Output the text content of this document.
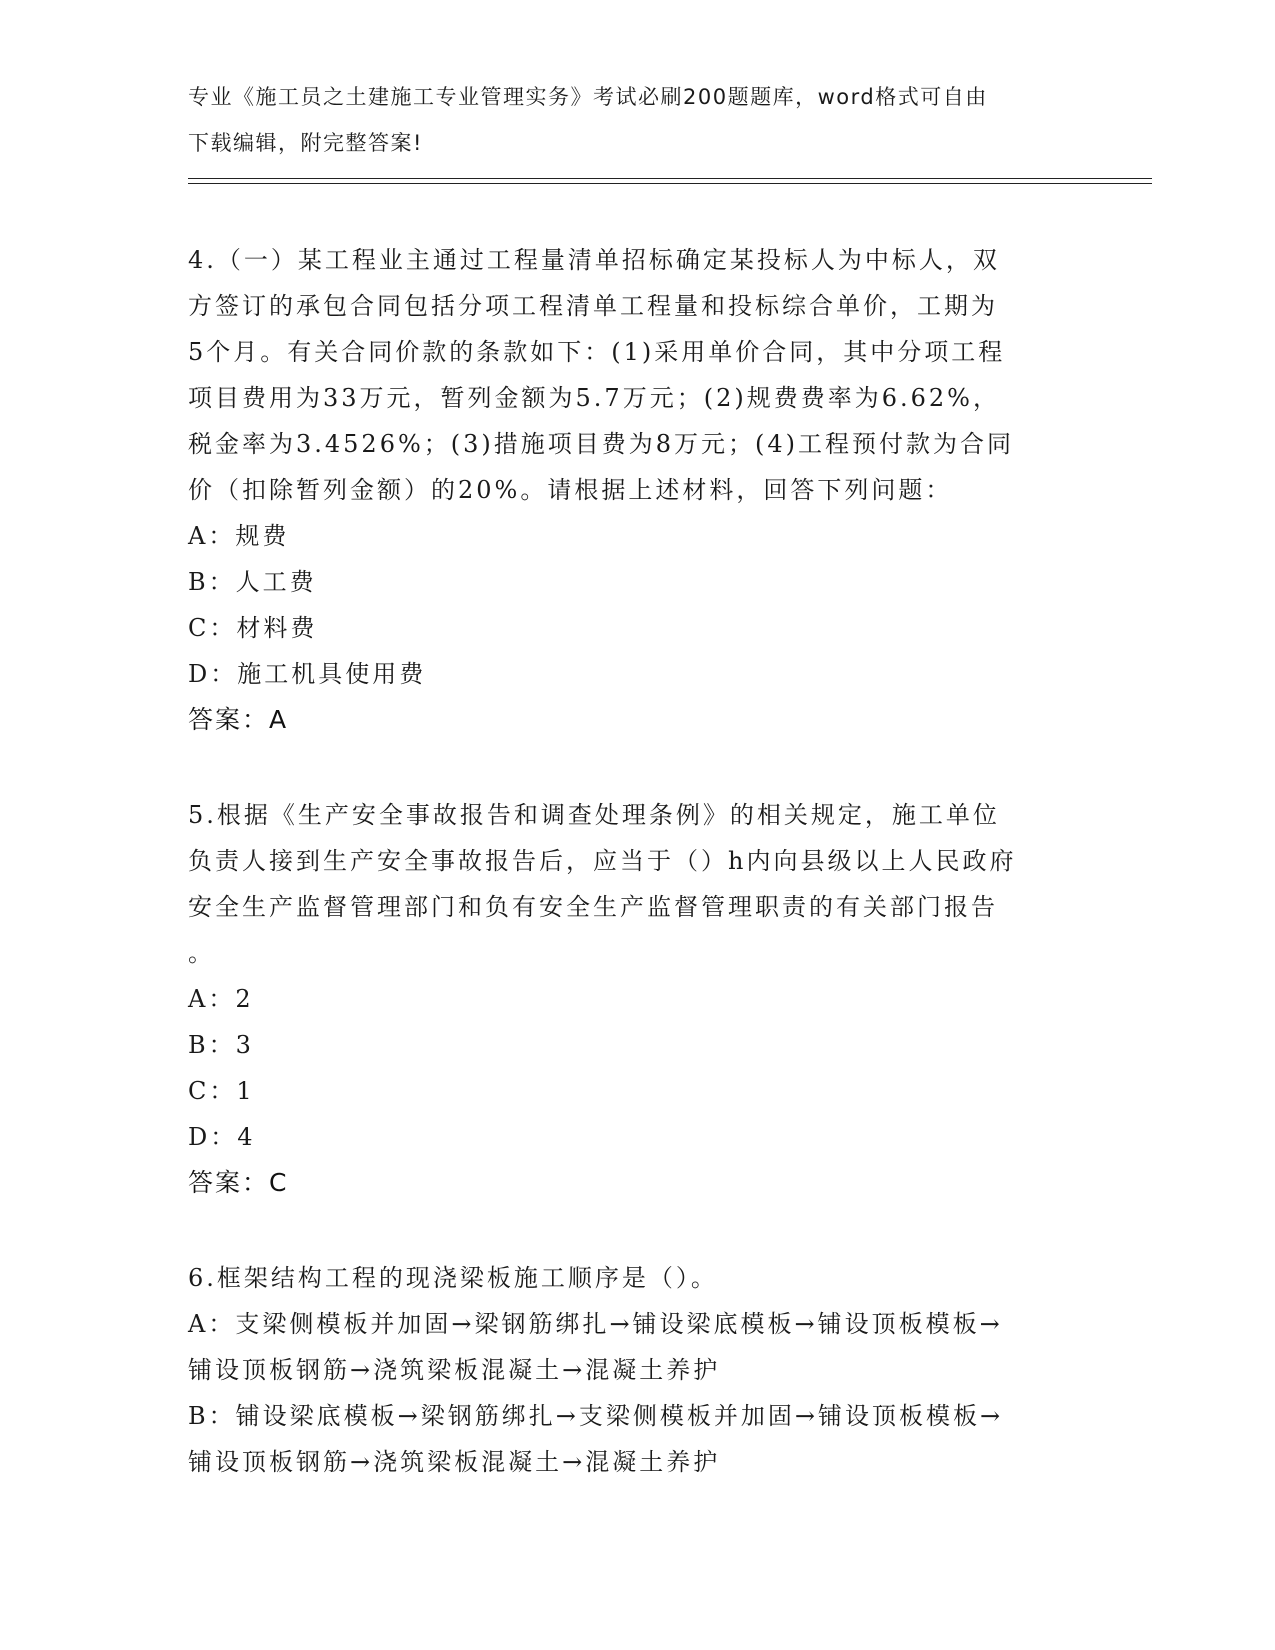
专业《施工员之土建施工专业管理实务》考试必刷200题题库，word格式可自由
下载编辑，附完整答案!
4.（一）某工程业主通过工程量清单招标确定某投标人为中标人，双
方签订的承包合同包括分项工程清单工程量和投标综合单价，工期为
5个月。有关合同价款的条款如下：(1)采用单价合同，其中分项工程
项目费用为33万元，暂列金额为5.7万元；(2)规费费率为6.62%，
税金率为3.4526%；(3)措施项目费为8万元；(4)工程预付款为合同
价（扣除暂列金额）的20%。请根据上述材料，回答下列问题：
A：规费
B：人工费
C：材料费
D：施工机具使用费
答案：A
5.根据《生产安全事故报告和调查处理条例》的相关规定，施工单位
负责人接到生产安全事故报告后，应当于（）h内向县级以上人民政府
安全生产监督管理部门和负有安全生产监督管理职责的有关部门报告
。
A：2
B：3
C：1
D：4
答案：C
6.框架结构工程的现浇梁板施工顺序是（）。
A：支梁侧模板并加固→梁钢筋绑扎→铺设梁底模板→铺设顶板模板→
铺设顶板钢筋→浇筑梁板混凝土→混凝土养护
B：铺设梁底模板→梁钢筋绑扎→支梁侧模板并加固→铺设顶板模板→
铺设顶板钢筋→浇筑梁板混凝土→混凝土养护
